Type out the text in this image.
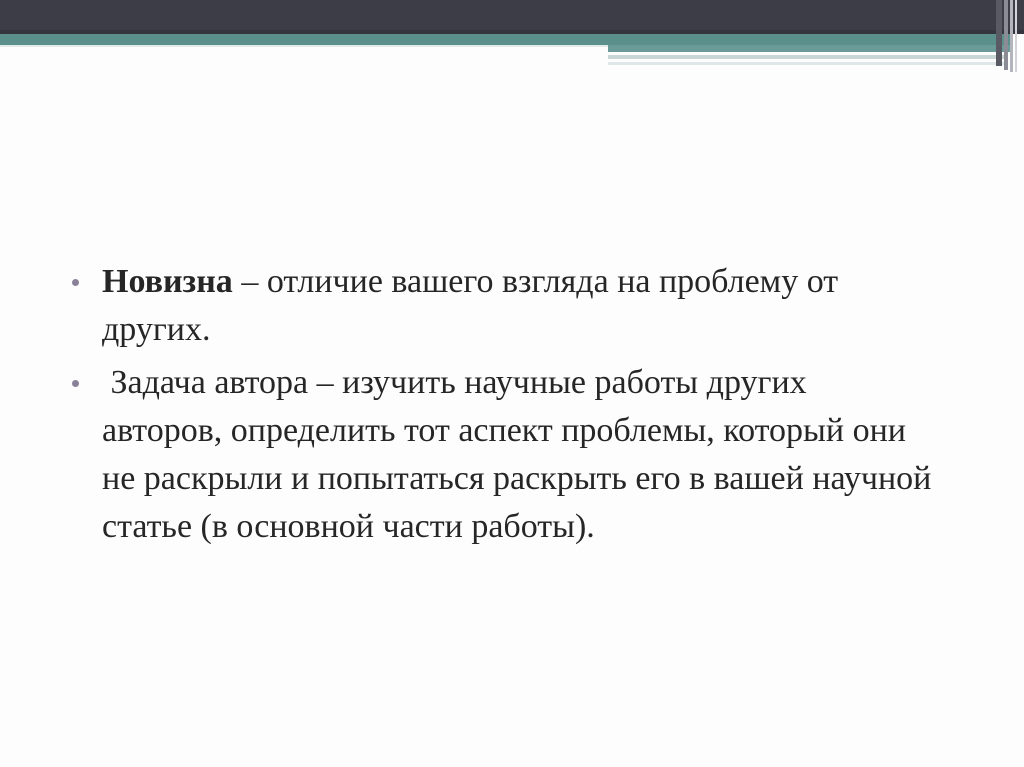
Новизна – отличие вашего взгляда на проблему от других.
Задача автора – изучить научные работы других авторов, определить тот аспект проблемы, который они не раскрыли и попытаться раскрыть его в вашей научной статье (в основной части работы).
